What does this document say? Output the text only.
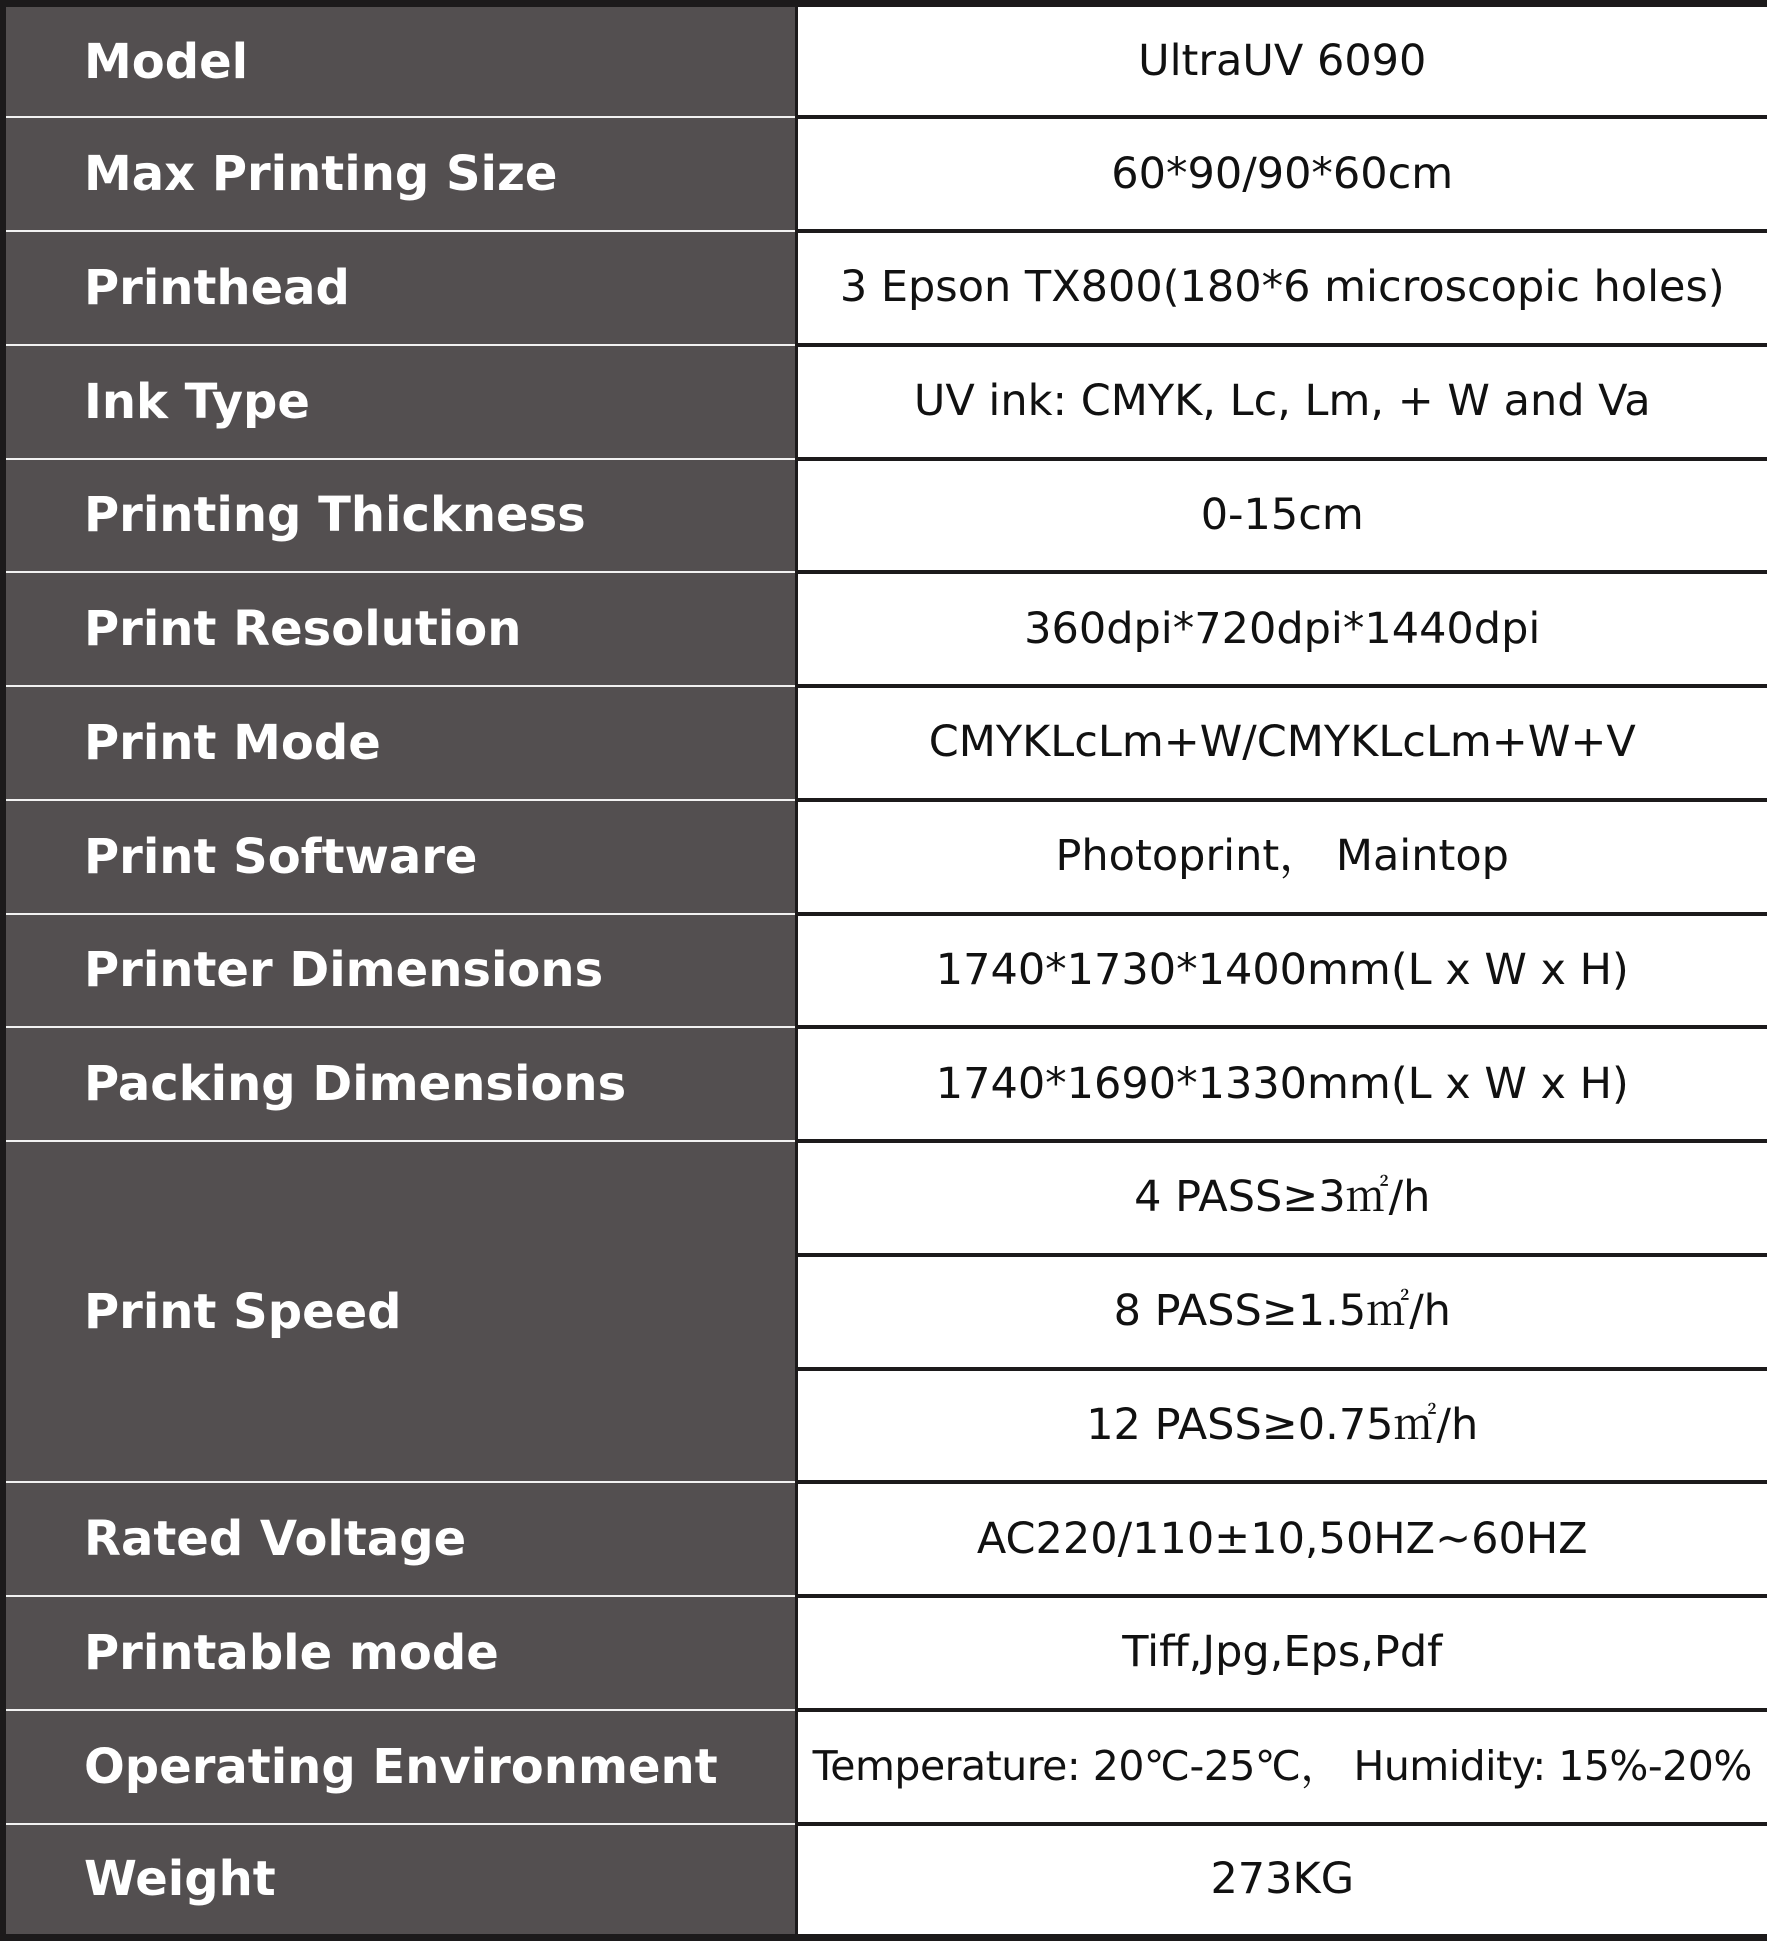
Model	UltraUV 6090
Max Printing Size	60*90/90*60cm
Printhead	3 Epson TX800(180*6 microscopic holes)
Ink Type	UV ink: CMYK, Lc, Lm, + W and Va
Printing Thickness	0-15cm
Print Resolution	360dpi*720dpi*1440dpi
Print Mode	CMYKLcLm+W/CMYKLcLm+W+V
Print Software	Photoprint， Maintop
Printer Dimensions	1740*1730*1400mm(L x W x H)
Packing Dimensions	1740*1690*1330mm(L x W x H)
Print Speed	4 PASS≥3㎡/h
	8 PASS≥1.5㎡/h
	12 PASS≥0.75㎡/h
Rated Voltage	AC220/110±10,50HZ~60HZ
Printable mode	Tiff,Jpg,Eps,Pdf
Operating Environment	Temperature: 20℃-25℃， Humidity: 15%-20%
Weight	273KG
